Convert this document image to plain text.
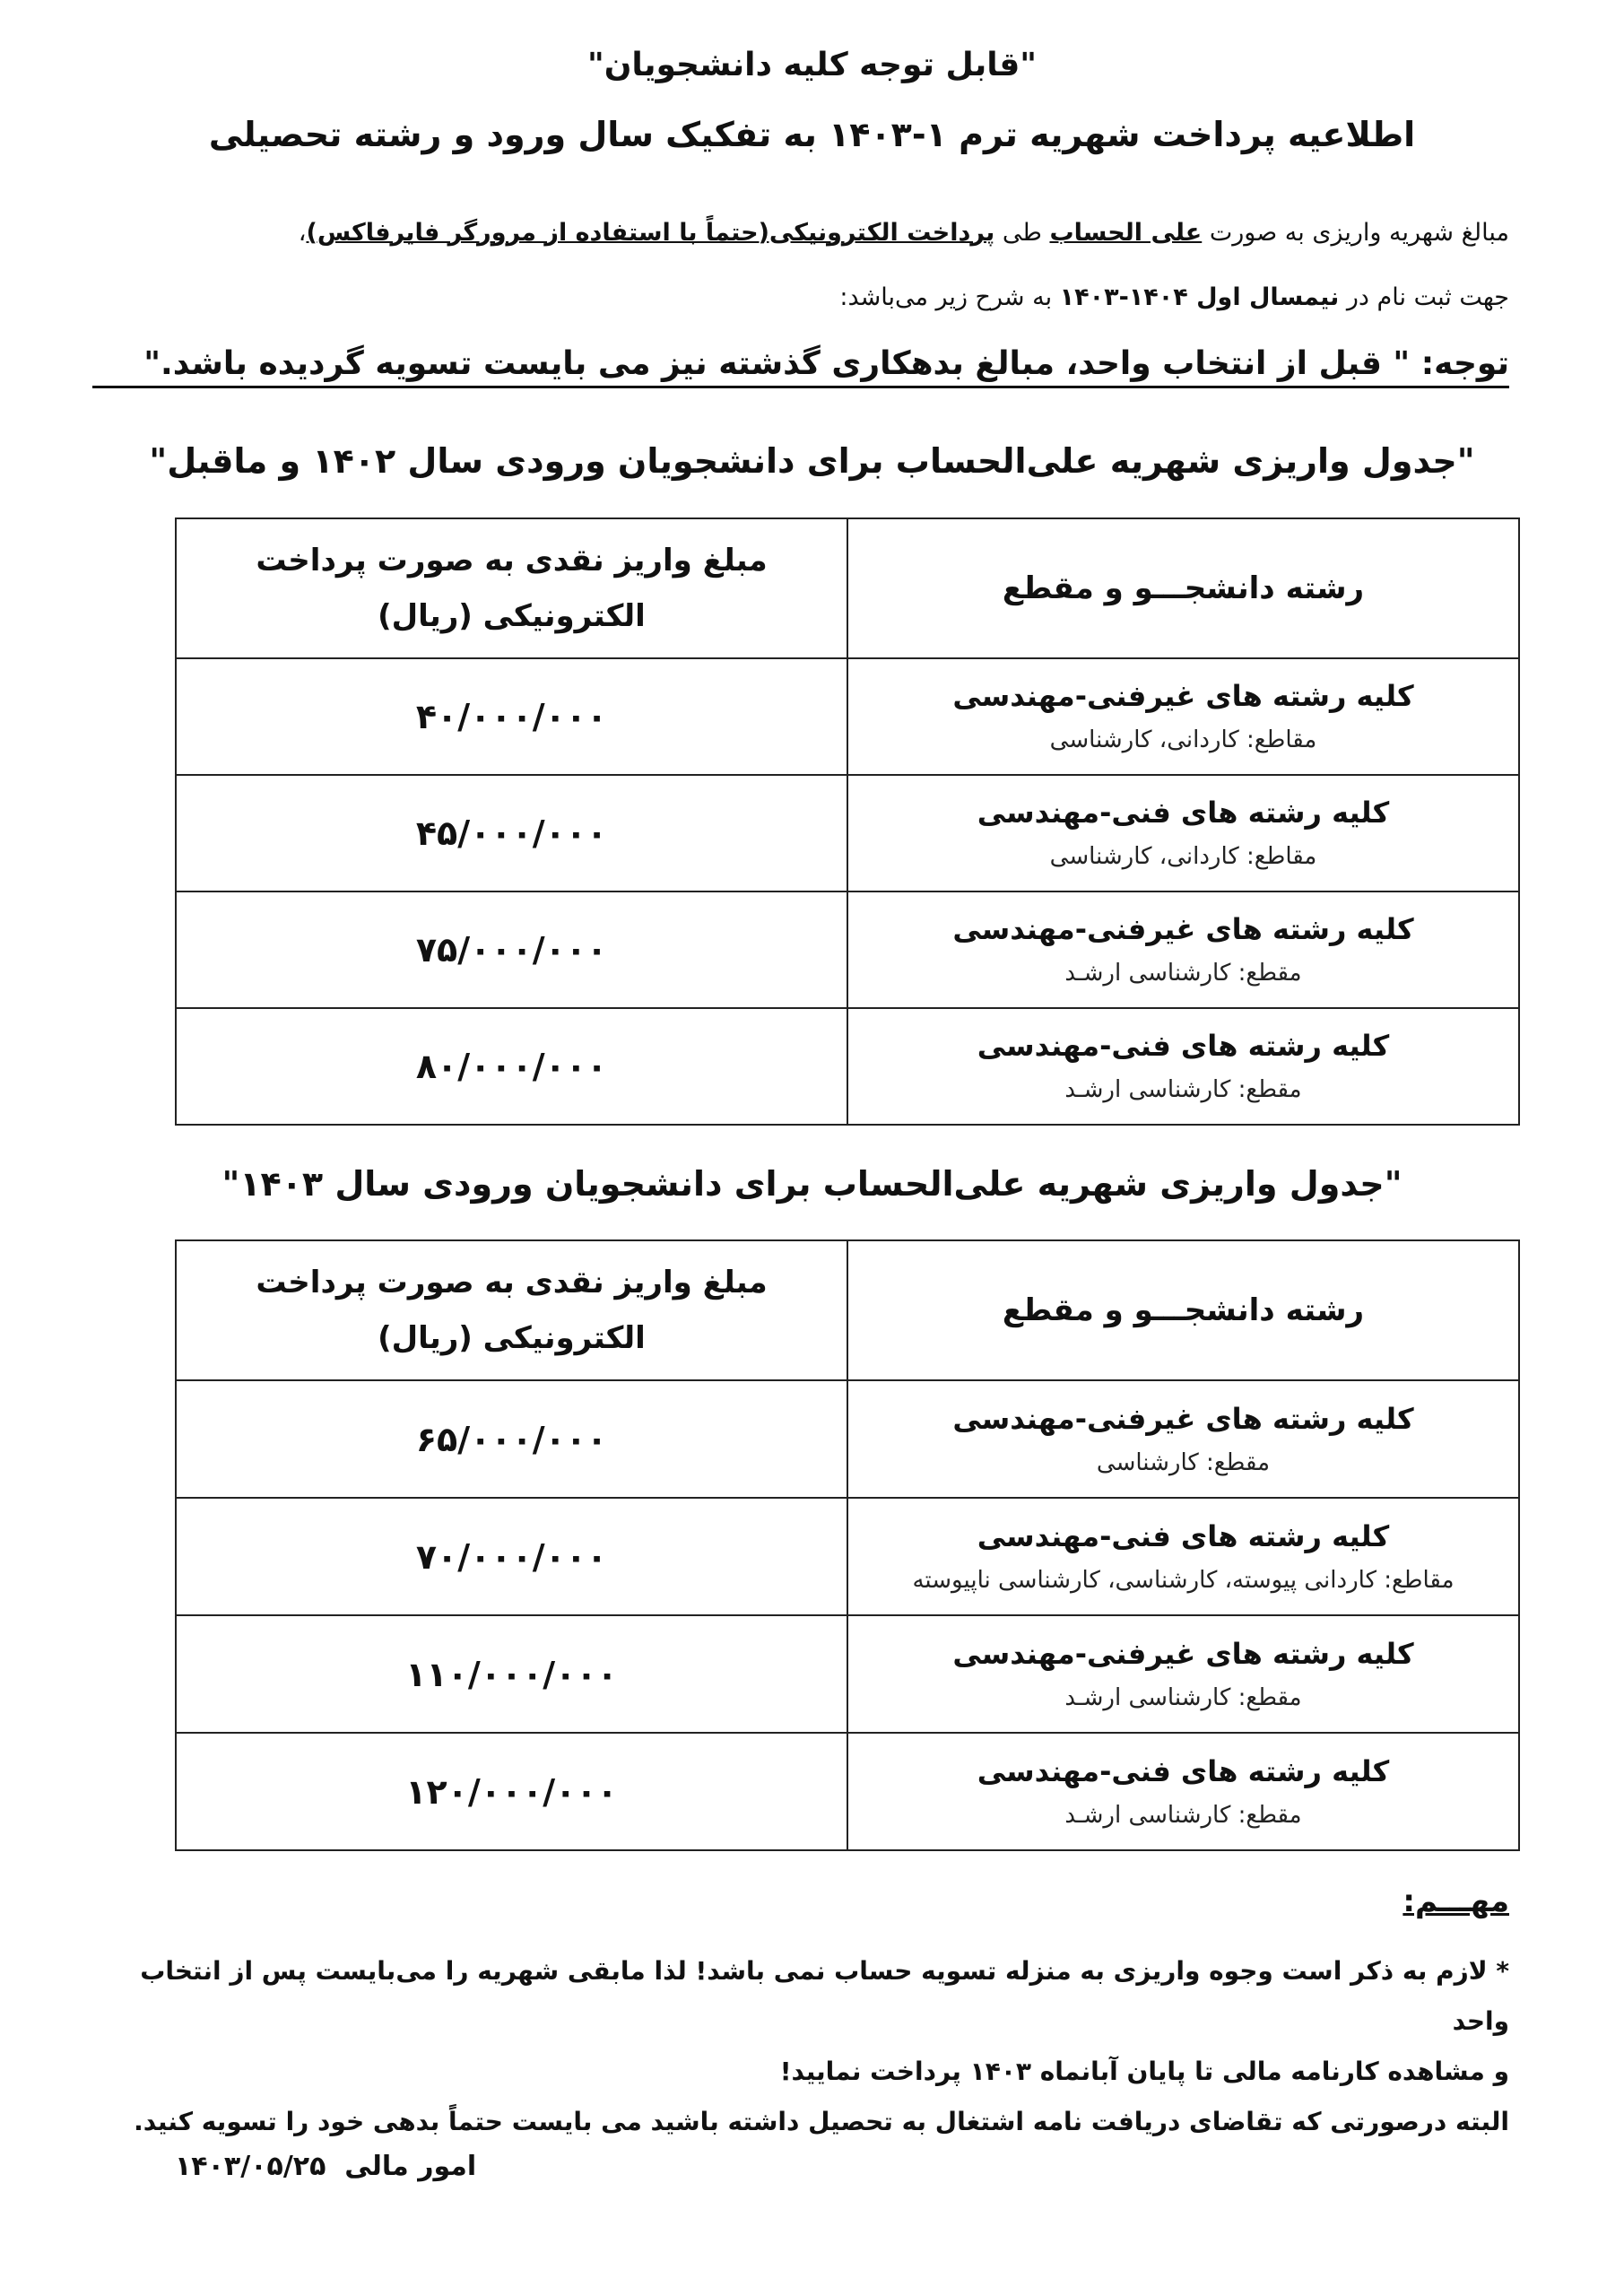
"قابل توجه کلیه دانشجویان"
اطلاعیه پرداخت شهریه ترم ۱-۱۴۰۳ به تفکیک سال ورود و رشته تحصیلی
مبالغ شهریه واریزی به صورت علی الحساب طی پرداخت الکترونیکی(حتماً با استفاده از مرورگر فایرفاکس)،
جهت ثبت نام در نیمسال اول ۱۴۰۴-۱۴۰۳ به شرح زیر می‌باشد:
توجه: " قبل از انتخاب واحد، مبالغ بدهکاری گذشته نیز می بایست تسویه گردیده باشد."
"جدول واریزی شهریه علی‌الحساب برای دانشجویان ورودی سال ۱۴۰۲ و ماقبل"
رشته دانشجـــو و مقطع	مبلغ واریز نقدی به صورت پرداخت
الکترونیکی (ریال)

کلیه رشته های غیرفنی-مهندسی
مقاطع: کاردانی، کارشناسی	۴۰/۰۰۰/۰۰۰

کلیه رشته های فنی-مهندسی
مقاطع: کاردانی، کارشناسی	۴۵/۰۰۰/۰۰۰

کلیه رشته های غیرفنی-مهندسی
مقطع: کارشناسی ارشـد	۷۵/۰۰۰/۰۰۰

کلیه رشته های فنی-مهندسی
مقطع: کارشناسی ارشـد	۸۰/۰۰۰/۰۰۰
"جدول واریزی شهریه علی‌الحساب برای دانشجویان ورودی سال ۱۴۰۳"
رشته دانشجـــو و مقطع	مبلغ واریز نقدی به صورت پرداخت
الکترونیکی (ریال)

کلیه رشته های غیرفنی-مهندسی
مقطع: کارشناسی	۶۵/۰۰۰/۰۰۰

کلیه رشته های فنی-مهندسی
مقاطع: کاردانی پیوسته، کارشناسی، کارشناسی ناپیوسته	۷۰/۰۰۰/۰۰۰

کلیه رشته های غیرفنی-مهندسی
مقطع: کارشناسی ارشـد	۱۱۰/۰۰۰/۰۰۰

کلیه رشته های فنی-مهندسی
مقطع: کارشناسی ارشـد	۱۲۰/۰۰۰/۰۰۰
مهـــم:
* لازم به ذکر است وجوه واریزی به منزله تسویه حساب نمی باشد! لذا مابقی شهریه را می‌بایست پس از انتخاب واحد
و مشاهده کارنامه مالی تا پایان آبانماه ۱۴۰۳ پرداخت نمایید!
البته درصورتی که تقاضای دریافت نامه اشتغال به تحصیل داشته باشید می بایست حتماً بدهی خود را تسویه کنید.
امور مالی  ۱۴۰۳/۰۵/۲۵
